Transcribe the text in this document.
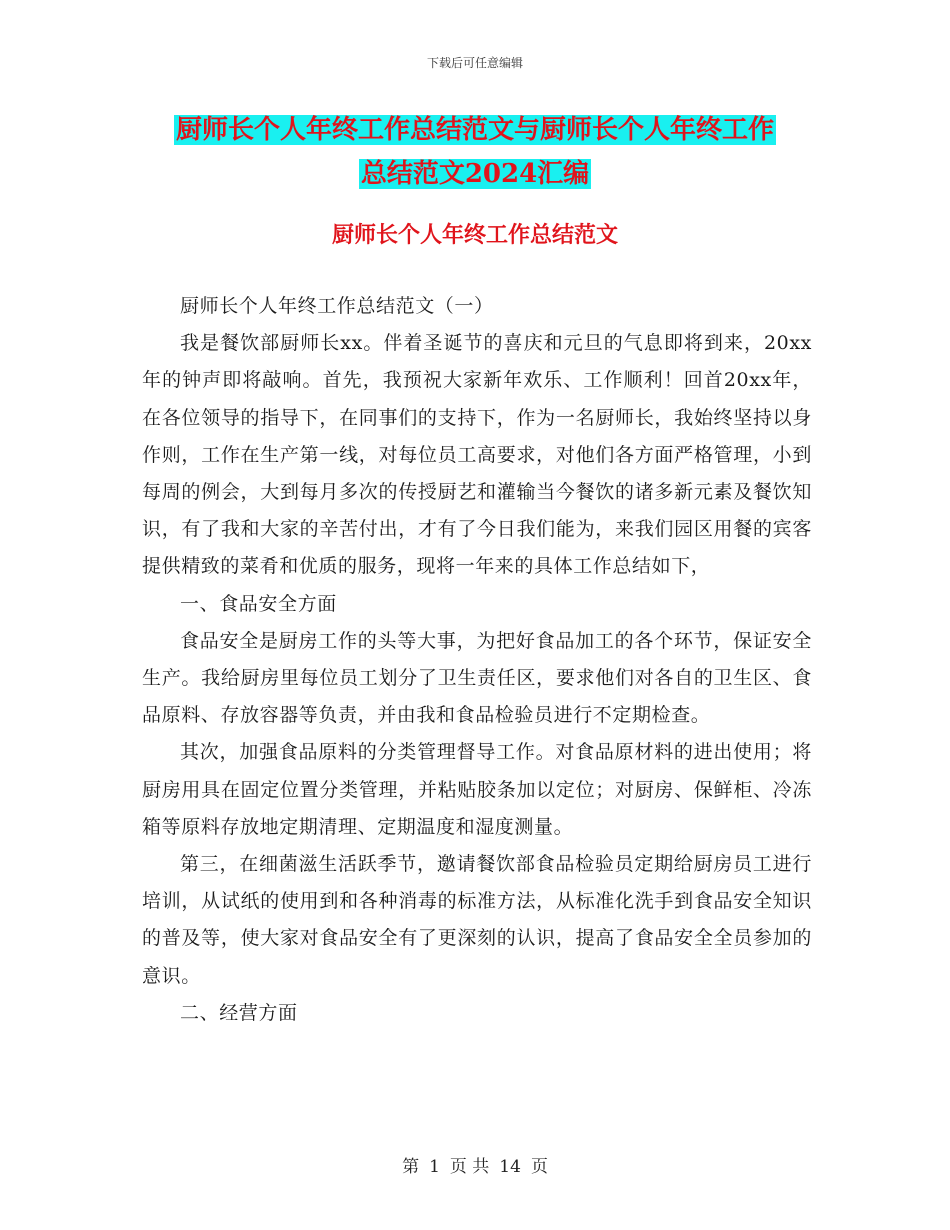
下载后可任意编辑
厨师长个人年终工作总结范文与厨师长个人年终工作
总结范文2024汇编
厨师长个人年终工作总结范文

厨师长个人年终工作总结范文（一）

我是餐饮部厨师长xx。伴着圣诞节的喜庆和元旦的气息即将到来，20xx年的钟声即将敲响。首先，我预祝大家新年欢乐、工作顺利！回首20xx年，在各位领导的指导下，在同事们的支持下，作为一名厨师长，我始终坚持以身作则，工作在生产第一线，对每位员工高要求，对他们各方面严格管理，小到每周的例会，大到每月多次的传授厨艺和灌输当今餐饮的诸多新元素及餐饮知识，有了我和大家的辛苦付出，才有了今日我们能为，来我们园区用餐的宾客提供精致的菜肴和优质的服务，现将一年来的具体工作总结如下，

一、食品安全方面

食品安全是厨房工作的头等大事，为把好食品加工的各个环节，保证安全生产。我给厨房里每位员工划分了卫生责任区，要求他们对各自的卫生区、食品原料、存放容器等负责，并由我和食品检验员进行不定期检查。

其次，加强食品原料的分类管理督导工作。对食品原材料的进出使用；将厨房用具在固定位置分类管理，并粘贴胶条加以定位；对厨房、保鲜柜、冷冻箱等原料存放地定期清理、定期温度和湿度测量。

第三，在细菌滋生活跃季节，邀请餐饮部食品检验员定期给厨房员工进行培训，从试纸的使用到和各种消毒的标准方法，从标准化洗手到食品安全知识的普及等，使大家对食品安全有了更深刻的认识，提高了食品安全全员参加的意识。

二、经营方面

第 1 页 共 14 页
